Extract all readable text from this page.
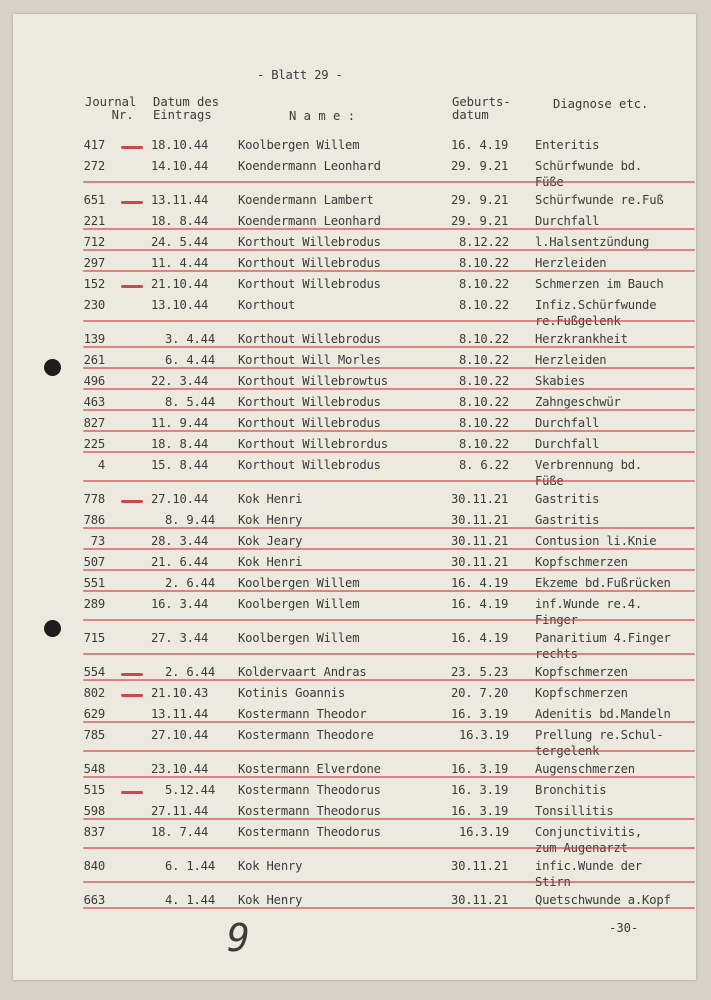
- Blatt 29 -
Journal
Nr.
Datum des
Eintrags	N a m e :
Geburts-
datum
Diagnose etc.
417	18.10.44 Koolbergen Willem	16. 4.19 Enteritis
272	14.10.44 Koendermann Leonhard	29. 9.21 Schürfwunde bd.
651	13.11.44 Koendermann Lambert	29. 9.21 Schürfwunde re.Fuß
221	18. 8.44 Koendermann Leonhard	29. 9.21 Durchfall
712	24. 5.44 Korthout Willebrodus	8.12.22 l.Halsentzündung
297	11. 4.44 Korthout Willebrodus	8.10.22 Herzleiden
152	21.10.44 Korthout Willebrodus	8.10.22 Schmerzen im Bauch
230	13.10.44 Korthout	8.10.22 Infiz.Schürfwunde
139	3. 4.44 Korthout Willebrodus	8.10.22 Herzkrankheit
261	6. 4.44 Korthout Will Morles	8.10.22 Herzleiden
496	22. 3.44 Korthout Willebrowtus	8.10.22 Skabies
463	8. 5.44 Korthout Willebrodus	8.10.22 Zahngeschwür
827	11. 9.44 Korthout Willebrodus	8.10.22 Durchfall
225	18. 8.44 Korthout Willebrordus	8.10.22 Durchfall
4	15. 8.44 Korthout Willebrodus	8. 6.22 Verbrennung bd.
778	27.10.44 Kok Henri	30.11.21 Gastritis
786	8. 9.44 Kok Henry	30.11.21 Gastritis
73	28. 3.44 Kok Jeary	30.11.21 Contusion li.Knie
507	21. 6.44 Kok Henri	30.11.21 Kopfschmerzen
551	2. 6.44 Koolbergen Willem	16. 4.19 Ekzeme bd.Fußrücken
289	16. 3.44 Koolbergen Willem	16. 4.19 inf.Wunde re.4.
715	27. 3.44 Koolbergen Willem	16. 4.19 Panaritium 4.Finger
554	2. 6.44 Koldervaart Andras	23. 5.23 Kopfschmerzen
802	21.10.43 Kotinis Goannis	20. 7.20 Kopfschmerzen
629	13.11.44 Kostermann Theodor	16. 3.19 Adenitis bd.Mandeln
785	27.10.44 Kostermann Theodore	16.3.19 Prellung re.Schul-
548	23.10.44 Kostermann Elverdone	16. 3.19 Augenschmerzen
515	5.12.44 Kostermann Theodorus	16. 3.19 Bronchitis
598	27.11.44 Kostermann Theodorus	16. 3.19 Tonsillitis
837	18. 7.44 Kostermann Theodorus	16.3.19 Conjunctivitis,
840	6. 1.44 Kok Henry	30.11.21 infic.Wunde der
663	4. 1.44 Kok Henry	30.11.21 Quetschwunde a.Kopf
-30-
9
